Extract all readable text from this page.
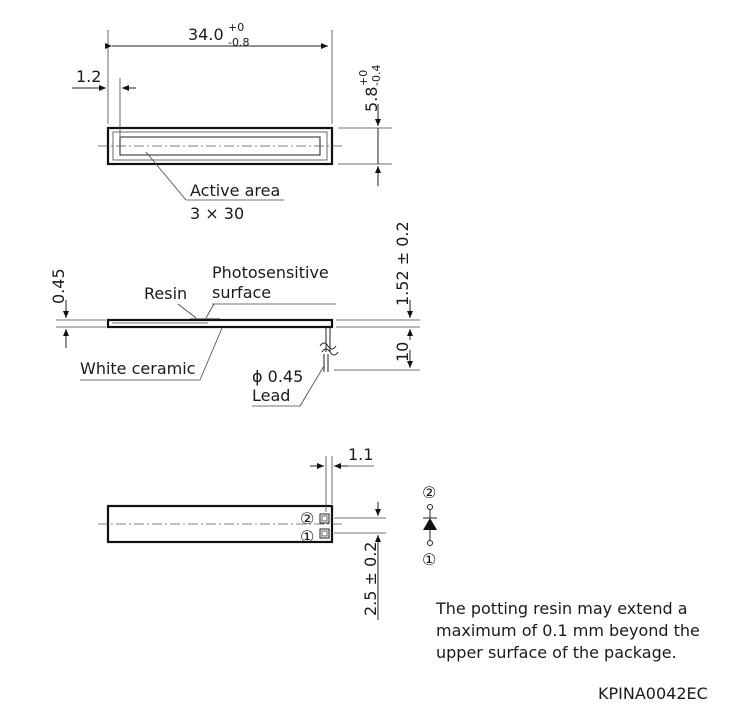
34.0 +0
-0.8
1.2
5.8
+0 -0.4
Active area
3 × 30
0.45	Resin
Photosensitive
surface	1.52 ± 0.2
10
White ceramic	ϕ 0.45
Lead
②
①
1.1
2.5 ± 0.2
②
①
The potting resin may extend a
maximum of 0.1 mm beyond the
upper surface of the package.
KPINA0042EC
